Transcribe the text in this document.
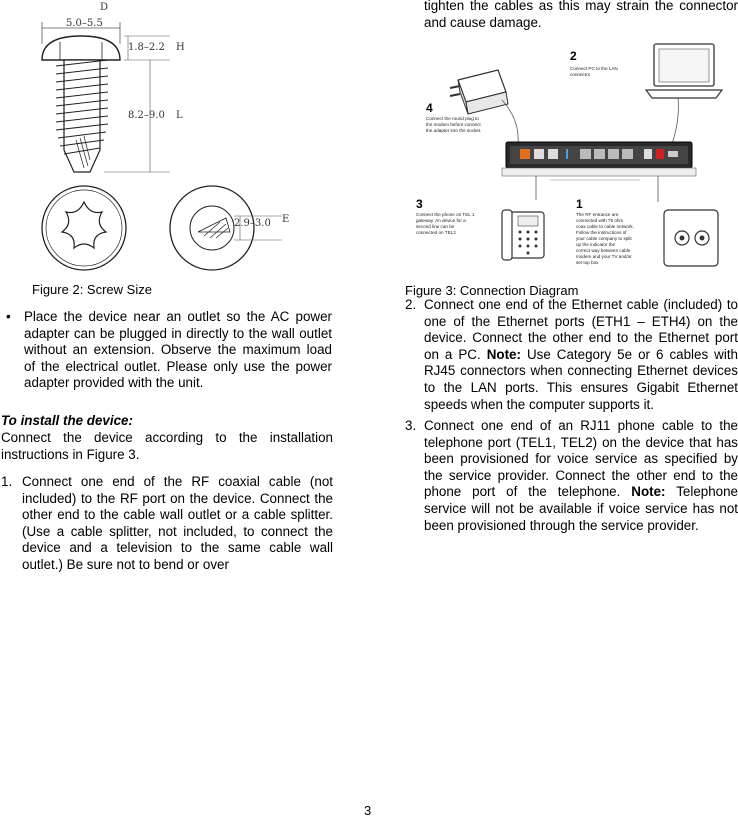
D
5.0–5.5
1.8–2.2 H
8.2–9.0 L
2.9–3.0 E
Figure 2: Screw Size
• Place the device near an outlet so the AC power adapter can be plugged in directly to the wall outlet without an extension. Observe the maximum load of the electrical outlet. Please only use the power adapter provided with the unit.
To install the device:
Connect the device according to the installation instructions in Figure 3.
1. Connect one end of the RF coaxial cable (not included) to the RF port on the device. Connect the other end to the cable wall outlet or a cable splitter. (Use a cable splitter, not included, to connect the device and a television to the same cable wall outlet.) Be sure not to bend or over
tighten the cables as this may strain the connector and cause damage.
2
Connect PC to the LAN
connector
4
Connect the round plug to
the modem before connect
the adapter into the socket.
3
Connect the phone on TEL 1
gateway. An device for a
second line can be
connected on TEL2
1
The RF entrance are
connected with 75 ohm
coax cable to cable network.
Follow the instructions of
your cable company to split
up the indicator the
correct way between cable
modem and your TV and/or
set top box
Figure 3: Connection Diagram
2. Connect one end of the Ethernet cable (included) to one of the Ethernet ports (ETH1 – ETH4) on the device. Connect the other end to the Ethernet port on a PC. Note: Use Category 5e or 6 cables with RJ45 connectors when connecting Ethernet devices to the LAN ports. This ensures Gigabit Ethernet speeds when the computer supports it.
3. Connect one end of an RJ11 phone cable to the telephone port (TEL1, TEL2) on the device that has been provisioned for voice service as specified by the service provider. Connect the other end to the phone port of the telephone. Note: Telephone service will not be available if voice service has not been provisioned through the service provider.
3
